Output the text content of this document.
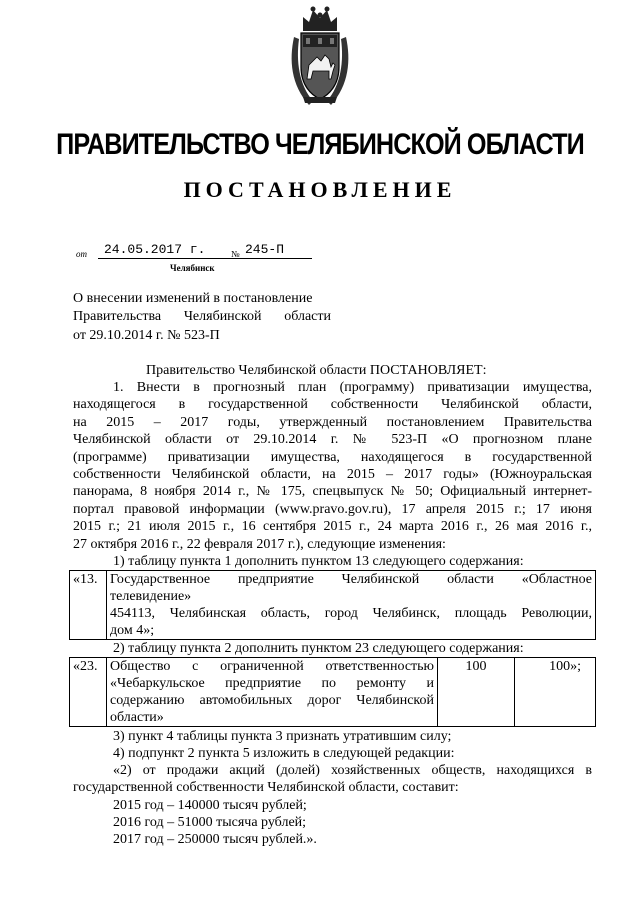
ПРАВИТЕЛЬСТВО ЧЕЛЯБИНСКОЙ ОБЛАСТИ
ПОСТАНОВЛЕНИЕ
от 24.05.2017 г.	№ 245-П
Челябинск
О внесении изменений в постановление
Правительства Челябинской области
от 29.10.2014 г. № 523-П
Правительство Челябинской области ПОСТАНОВЛЯЕТ:
1. Внести в прогнозный план (программу) приватизации имущества,
находящегося в государственной собственности Челябинской области,
на 2015 – 2017 годы, утвержденный постановлением Правительства
Челябинской области от 29.10.2014 г. № 523-П «О прогнозном плане
(программе) приватизации имущества, находящегося в государственной
собственности Челябинской области, на 2015 – 2017 годы» (Южноуральская
панорама, 8 ноября 2014 г., № 175, спецвыпуск № 50; Официальный интернет-
портал правовой информации (www.pravo.gov.ru), 17 апреля 2015 г.; 17 июня
2015 г.; 21 июля 2015 г., 16 сентября 2015 г., 24 марта 2016 г., 26 мая 2016 г.,
27 октября 2016 г., 22 февраля 2017 г.), следующие изменения:
1) таблицу пункта 1 дополнить пунктом 13 следующего содержания:
«13.	Государственное предприятие Челябинской области «Областное
телевидение»
454113, Челябинская область, город Челябинск, площадь Революции,
дом 4»;
2) таблицу пункта 2 дополнить пунктом 23 следующего содержания:
«23.	Общество с ограниченной ответственностью
«Чебаркульское предприятие по ремонту и
содержанию автомобильных дорог Челябинской
области»
	100	100»;
3) пункт 4 таблицы пункта 3 признать утратившим силу;
4) подпункт 2 пункта 5 изложить в следующей редакции:
«2) от продажи акций (долей) хозяйственных обществ, находящихся в
государственной собственности Челябинской области, составит:
2015 год – 140000 тысяч рублей;
2016 год – 51000 тысяча рублей;
2017 год – 250000 тысяч рублей.».
